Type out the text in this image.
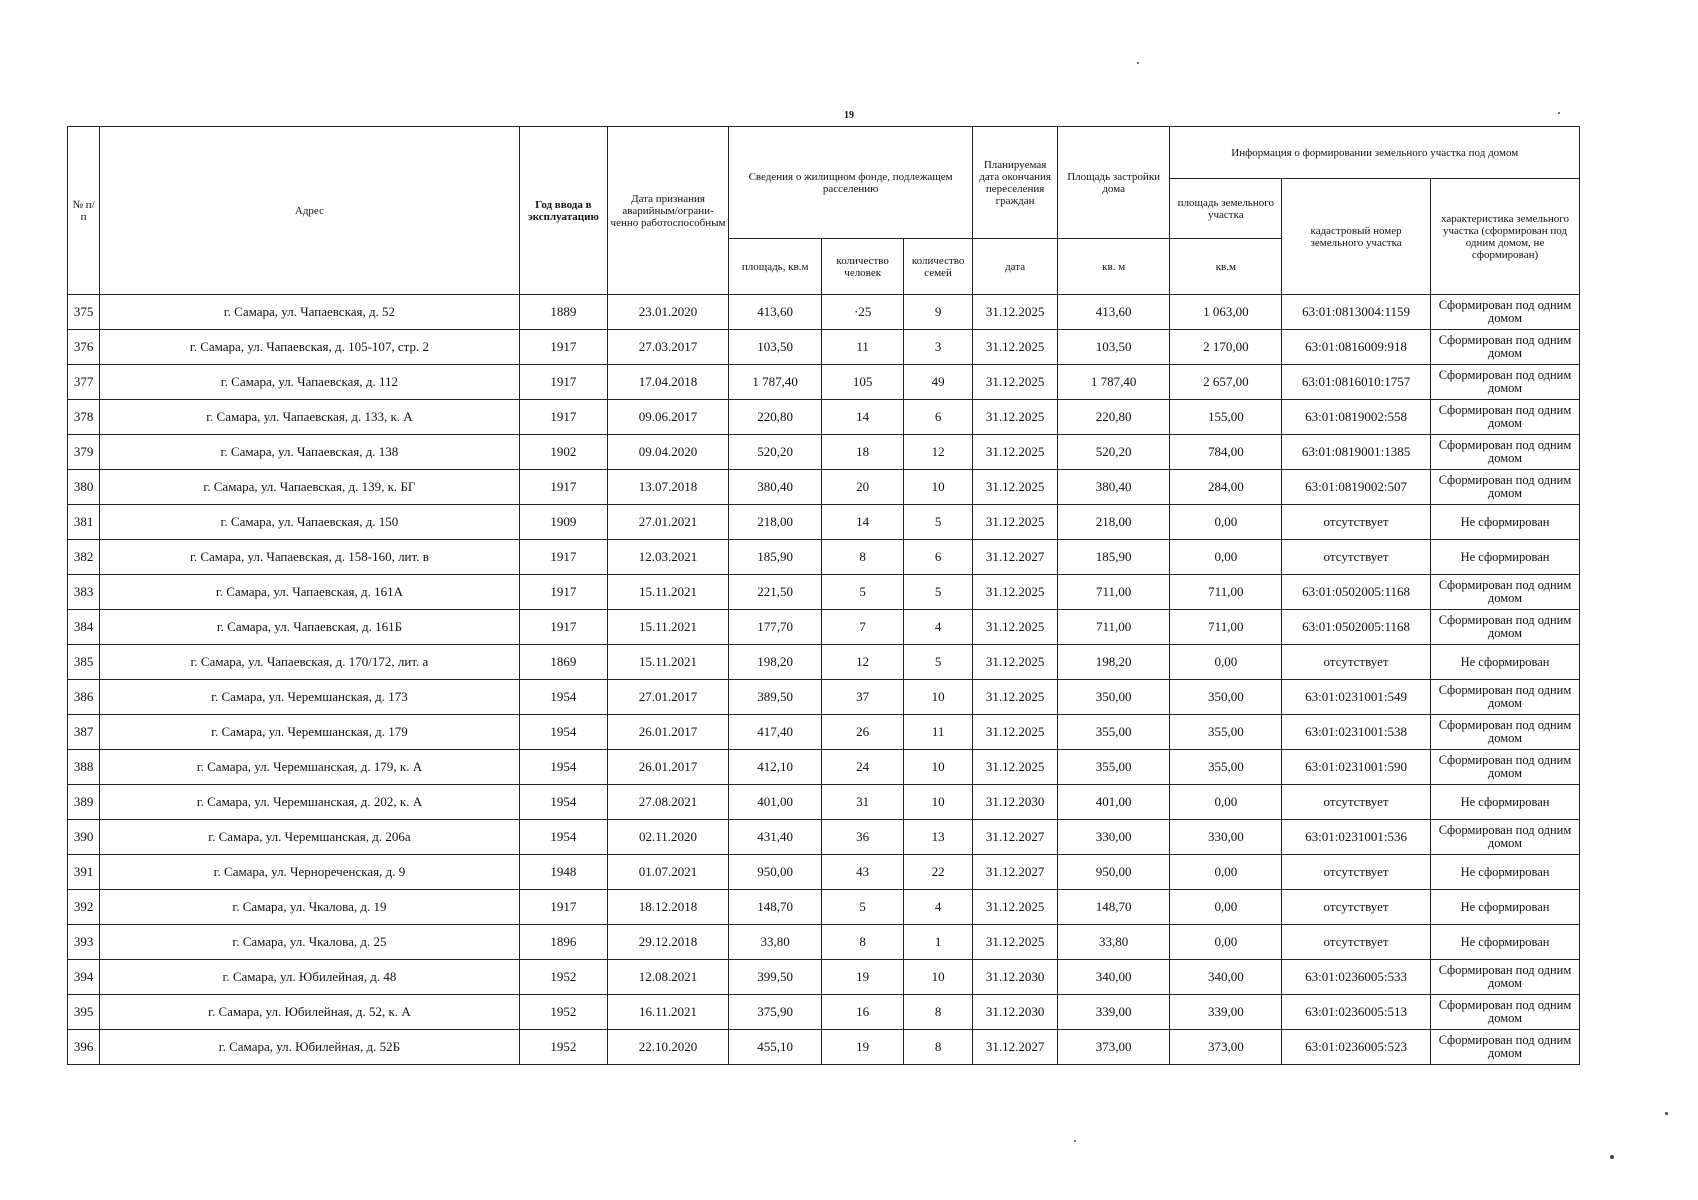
19
№ п/п	Адрес	Год ввода в эксплуатацию	Дата признания аварийным/ограни-ченно работоспособным	Сведения о жилищном фонде, подлежащем расселению			Планируемая дата окончания переселения граждан	Площадь застройки дома	Информация о формировании земельного участка под домом		
									площадь земельного участка	кадастровый номер земельного участка	характеристика земельного участка (сформирован под одним домом, не сформирован)
				площадь, кв.м	количество человек	количество семей	дата	кв. м	кв.м		
375	г. Самара, ул. Чапаевская, д. 52	1889	23.01.2020	413,60	·25	9	31.12.2025	413,60	1 063,00	63:01:0813004:1159	Сформирован под одним домом
376	г. Самара, ул. Чапаевская, д. 105-107, стр. 2	1917	27.03.2017	103,50	11	3	31.12.2025	103,50	2 170,00	63:01:0816009:918	Сформирован под одним домом
377	г. Самара, ул. Чапаевская, д. 112	1917	17.04.2018	1 787,40	105	49	31.12.2025	1 787,40	2 657,00	63:01:0816010:1757	Сформирован под одним домом
378	г. Самара, ул. Чапаевская, д. 133, к. А	1917	09.06.2017	220,80	14	6	31.12.2025	220,80	155,00	63:01:0819002:558	Сформирован под одним домом
379	г. Самара, ул. Чапаевская, д. 138	1902	09.04.2020	520,20	18	12	31.12.2025	520,20	784,00	63:01:0819001:1385	Сформирован под одним домом
380	г. Самара, ул. Чапаевская, д. 139, к. БГ	1917	13.07.2018	380,40	20	10	31.12.2025	380,40	284,00	63:01:0819002:507	Сформирован под одним домом
381	г. Самара, ул. Чапаевская, д. 150	1909	27.01.2021	218,00	14	5	31.12.2025	218,00	0,00	отсутствует	Не сформирован
382	г. Самара, ул. Чапаевская, д. 158-160, лит. в	1917	12.03.2021	185,90	8	6	31.12.2027	185,90	0,00	отсутствует	Не сформирован
383	г. Самара, ул. Чапаевская, д. 161А	1917	15.11.2021	221,50	5	5	31.12.2025	711,00	711,00	63:01:0502005:1168	Сформирован под одним домом
384	г. Самара, ул. Чапаевская, д. 161Б	1917	15.11.2021	177,70	7	4	31.12.2025	711,00	711,00	63:01:0502005:1168	Сформирован под одним домом
385	г. Самара, ул. Чапаевская, д. 170/172, лит. а	1869	15.11.2021	198,20	12	5	31.12.2025	198,20	0,00	отсутствует	Не сформирован
386	г. Самара, ул. Черемшанская, д. 173	1954	27.01.2017	389,50	37	10	31.12.2025	350,00	350,00	63:01:0231001:549	Сформирован под одним домом
387	г. Самара, ул. Черемшанская, д. 179	1954	26.01.2017	417,40	26	11	31.12.2025	355,00	355,00	63:01:0231001:538	Сформирован под одним домом
388	г. Самара, ул. Черемшанская, д. 179, к. А	1954	26.01.2017	412,10	24	10	31.12.2025	355,00	355,00	63:01:0231001:590	Сформирован под одним домом
389	г. Самара, ул. Черемшанская, д. 202, к. А	1954	27.08.2021	401,00	31	10	31.12.2030	401,00	0,00	отсутствует	Не сформирован
390	г. Самара, ул. Черемшанская, д. 206а	1954	02.11.2020	431,40	36	13	31.12.2027	330,00	330,00	63:01:0231001:536	Сформирован под одним домом
391	г. Самара, ул. Чернореченская, д. 9	1948	01.07.2021	950,00	43	22	31.12.2027	950,00	0,00	отсутствует	Не сформирован
392	г. Самара, ул. Чкалова, д. 19	1917	18.12.2018	148,70	5	4	31.12.2025	148,70	0,00	отсутствует	Не сформирован
393	г. Самара, ул. Чкалова, д. 25	1896	29.12.2018	33,80	8	1	31.12.2025	33,80	0,00	отсутствует	Не сформирован
394	г. Самара, ул. Юбилейная, д. 48	1952	12.08.2021	399,50	19	10	31.12.2030	340,00	340,00	63:01:0236005:533	Сформирован под одним домом
395	г. Самара, ул. Юбилейная, д. 52, к. А	1952	16.11.2021	375,90	16	8	31.12.2030	339,00	339,00	63:01:0236005:513	Сформирован под одним домом
396	г. Самара, ул. Юбилейная, д. 52Б	1952	22.10.2020	455,10	19	8	31.12.2027	373,00	373,00	63:01:0236005:523	Сформирован под одним домом
